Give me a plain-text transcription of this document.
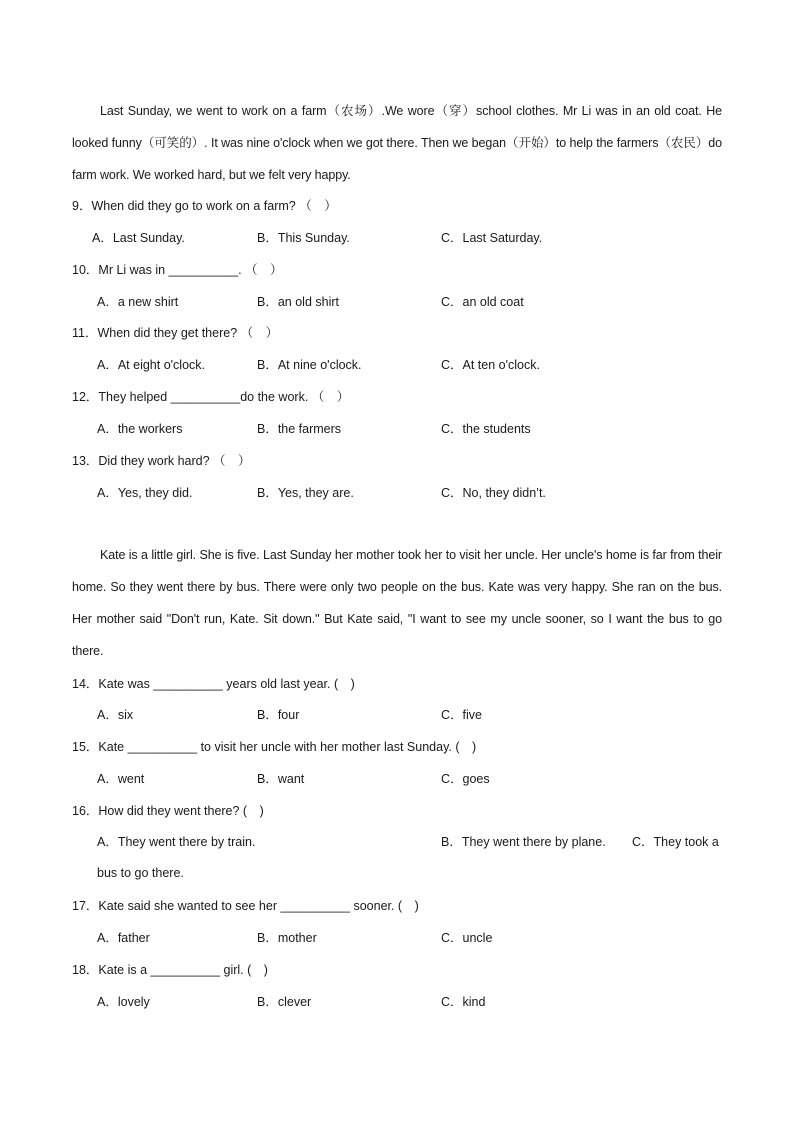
Last Sunday, we went to work on a farm（农场）.We wore（穿）school clothes. Mr Li was in an old coat. He looked funny（可笑的）. It was nine o'clock when we got there. Then we began（开始）to help the farmers（农民）do farm work. We worked hard, but we felt very happy.

9．When did they go to work on a farm? （　）
A．Last Sunday.	B．This Sunday.	C．Last Saturday.
10．Mr Li was in __________. （　）
A．a new shirt	B．an old shirt	C．an old coat
11．When did they get there? （　）
A．At eight o'clock.	B．At nine o'clock.	C．At ten o'clock.
12．They helped __________do the work. （　）
A．the workers	B．the farmers	C．the students
13．Did they work hard? （　）
A．Yes, they did.	B．Yes, they are.	C．No, they didn’t.

Kate is a little girl. She is five. Last Sunday her mother took her to visit her uncle. Her uncle's home is far from their home. So they went there by bus. There were only two people on the bus. Kate was very happy. She ran on the bus. Her mother said "Don't run, Kate. Sit down." But Kate said, "I want to see my uncle sooner, so I want the bus to go there.

14．Kate was __________ years old last year. (　)
A．six	B．four	C．five
15．Kate __________ to visit her uncle with her mother last Sunday. (　)
A．went	B．want	C．goes
16．How did they went there? (　)
A．They went there by train.	B．They went there by plane. C．They took a
bus to go there.
17．Kate said she wanted to see her __________ sooner. (　)
A．father	B．mother	C．uncle
18．Kate is a __________ girl. (　)
A．lovely	B．clever	C．kind
